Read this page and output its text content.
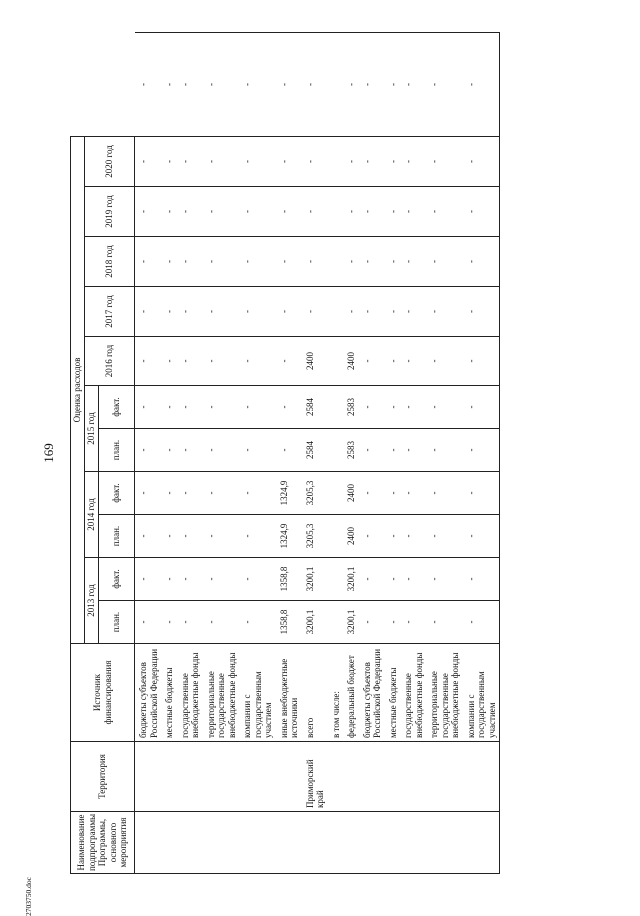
169
2703750.doc
Наименование подпрограммы Программы, основного мероприятия	Территория	Источник финансирования	Оценка расходов											
			2013 год		2014 год		2015 год		2016 год	2017 год	2018 год	2019 год	2020 год	
			план.	факт.	план.	факт.	план.	факт.						
		бюджеты субъектов Российской Федерации	-	-	-	-	-	-	-	-	-	-	-	-
		местные бюджеты	-	-	-	-	-	-	-	-	-	-	-	-
		государственные внебюджетные фонды	-	-	-	-	-	-	-	-	-	-	-	-
		территориальные государственные внебюджетные фонды	-	-	-	-	-	-	-	-	-	-	-	-
		компании с государственным участием	-	-	-	-	-	-	-	-	-	-	-	-
		иные внебюджетные источники	1358,8	1358,8	1324,9	1324,9	-	-	-	-	-	-	-	-
	Приморский край	всего	3200,1	3200,1	3205,3	3205,3	2584	2584	2400	-	-	-	-	-
		в том числе:												
		федеральный бюджет	3200,1	3200,1	2400	2400	2583	2583	2400	-	-	-	-	-
		бюджеты субъектов Российской Федерации	-	-	-	-	-	-	-	-	-	-	-	-
		местные бюджеты	-	-	-	-	-	-	-	-	-	-	-	-
		государственные внебюджетные фонды	-	-	-	-	-	-	-	-	-	-	-	-
		территориальные государственные внебюджетные фонды	-	-	-	-	-	-	-	-	-	-	-	-
		компании с государственным участием	-	-	-	-	-	-	-	-	-	-	-	-
